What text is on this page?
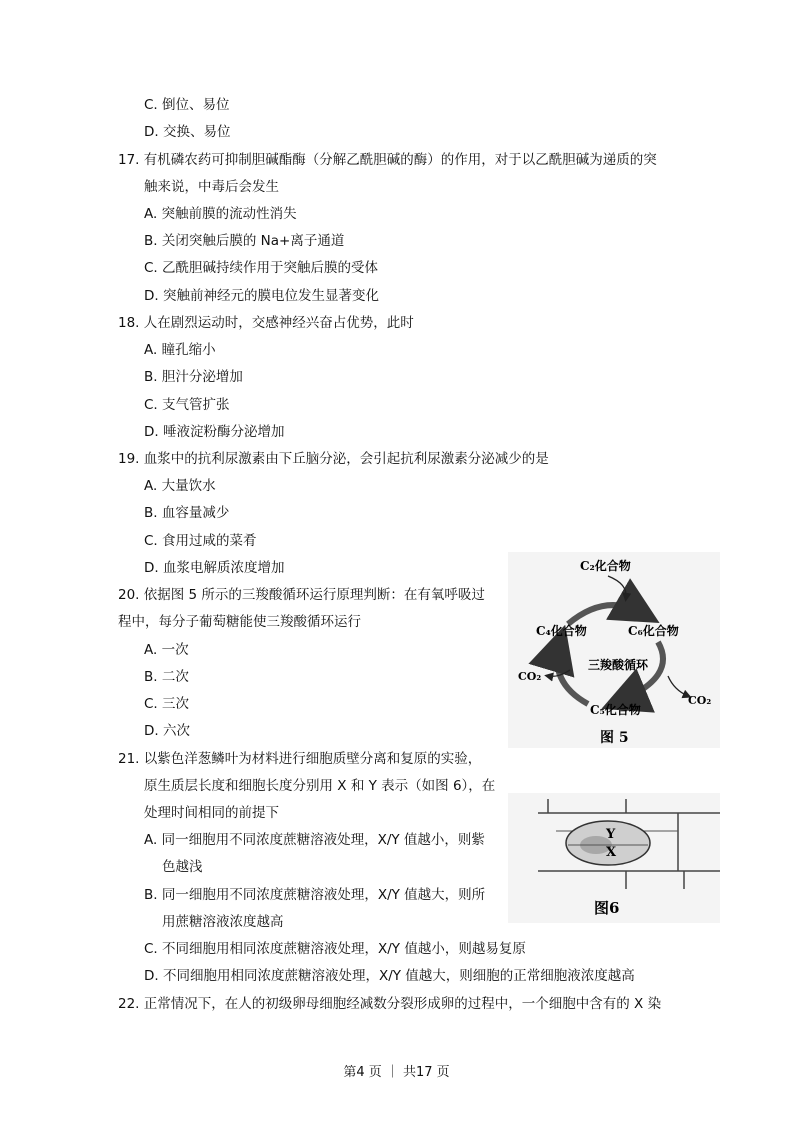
C. 倒位、易位
D. 交换、易位
17. 有机磷农药可抑制胆碱酯酶（分解乙酰胆碱的酶）的作用，对于以乙酰胆碱为递质的突
触来说，中毒后会发生
A. 突触前膜的流动性消失
B. 关闭突触后膜的 Na+离子通道
C. 乙酰胆碱持续作用于突触后膜的受体
D. 突触前神经元的膜电位发生显著变化
18. 人在剧烈运动时，交感神经兴奋占优势，此时
A. 瞳孔缩小
B. 胆汁分泌增加
C. 支气管扩张
D. 唾液淀粉酶分泌增加
19. 血浆中的抗利尿激素由下丘脑分泌，会引起抗利尿激素分泌减少的是
A. 大量饮水
B. 血容量减少
C. 食用过咸的菜肴
D. 血浆电解质浓度增加
20. 依据图 5 所示的三羧酸循环运行原理判断：在有氧呼吸过
程中，每分子葡萄糖能使三羧酸循环运行
A. 一次
B. 二次
C. 三次
D. 六次
C₂化合物
C₄化合物	C₆化合物
三羧酸循环
CO₂
CO₂
C₅化合物
图 5
21. 以紫色洋葱鳞叶为材料进行细胞质壁分离和复原的实验，
原生质层长度和细胞长度分别用 X 和 Y 表示（如图 6），在
处理时间相同的前提下
A. 同一细胞用不同浓度蔗糖溶液处理，X/Y 值越小，则紫
色越浅
B. 同一细胞用不同浓度蔗糖溶液处理，X/Y 值越大，则所
用蔗糖溶液浓度越高
C. 不同细胞用相同浓度蔗糖溶液处理，X/Y 值越小，则越易复原
D. 不同细胞用相同浓度蔗糖溶液处理，X/Y 值越大，则细胞的正常细胞液浓度越高
Y
X
图6
22. 正常情况下，在人的初级卵母细胞经减数分裂形成卵的过程中，一个细胞中含有的 X 染
第4 页 ｜ 共17 页
